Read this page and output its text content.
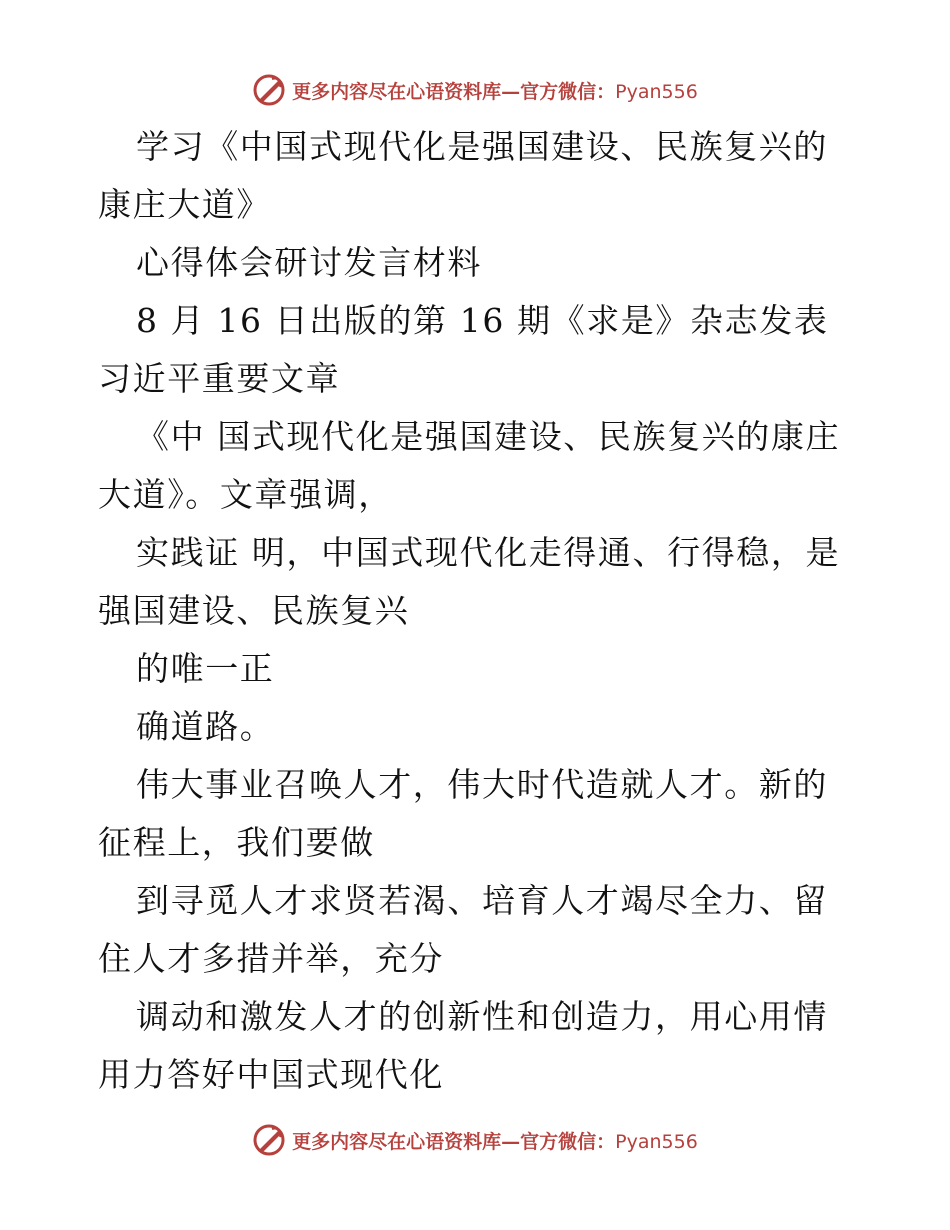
更多内容尽在心语资料库—官方微信：Pyan556

学习《中国式现代化是强国建设、民族复兴的康庄大道》

心得体会研讨发言材料

8 月 16 日出版的第 16 期《求是》杂志发表习近平重要文章

《中 国式现代化是强国建设、民族复兴的康庄大道》。文章强调，

实践证 明，中国式现代化走得通、行得稳，是强国建设、民族复兴

的唯一正

确道路。

伟大事业召唤人才，伟大时代造就人才。新的征程上，我们要做

到寻觅人才求贤若渴、培育人才竭尽全力、留住人才多措并举，充分

调动和激发人才的创新性和创造力，用心用情用力答好中国式现代化

更多内容尽在心语资料库—官方微信：Pyan556
